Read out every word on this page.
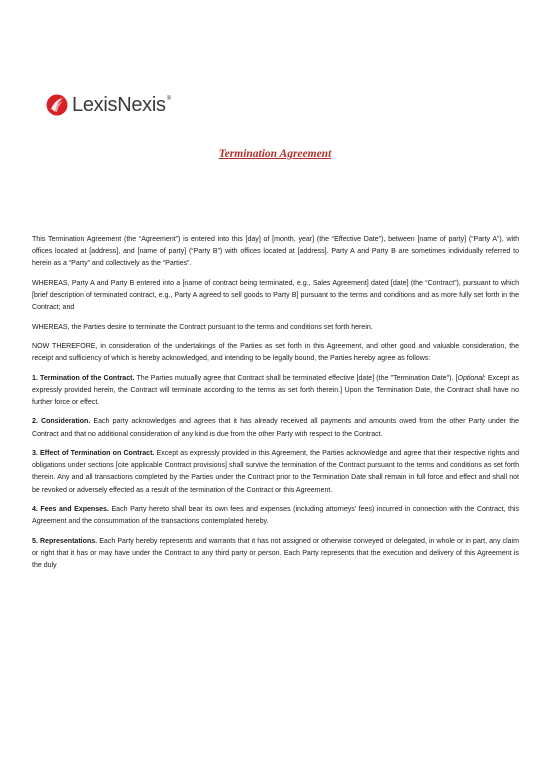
LexisNexis ®
Termination Agreement

This Termination Agreement (the “Agreement”) is entered into this [day] of [month, year] (the “Effective Date”), between [name of party] (“Party A”), with offices located at [address], and [name of party] (“Party B”) with offices located at [address]. Party A and Party B are sometimes individually referred to herein as a “Party” and collectively as the “Parties”.

WHEREAS, Party A and Party B entered into a [name of contract being terminated, e.g., Sales Agreement] dated [date] (the “Contract”), pursuant to which [brief description of terminated contract, e.g., Party A agreed to sell goods to Party B] pursuant to the terms and conditions and as more fully set forth in the Contract; and

WHEREAS, the Parties desire to terminate the Contract pursuant to the terms and conditions set forth herein.

NOW THEREFORE, in consideration of the undertakings of the Parties as set forth in this Agreement, and other good and valuable consideration, the receipt and sufficiency of which is hereby acknowledged, and intending to be legally bound, the Parties hereby agree as follows:

1. Termination of the Contract. The Parties mutually agree that Contract shall be terminated effective [date] (the "Termination Date"). [Optional: Except as expressly provided herein, the Contract will terminate according to the terms as set forth therein.] Upon the Termination Date, the Contract shall have no further force or effect.

2. Consideration. Each party acknowledges and agrees that it has already received all payments and amounts owed from the other Party under the Contract and that no additional consideration of any kind is due from the other Party with respect to the Contract.

3. Effect of Termination on Contract. Except as expressly provided in this Agreement, the Parties acknowledge and agree that their respective rights and obligations under sections [cite applicable Contract provisions] shall survive the termination of the Contract pursuant to the terms and conditions as set forth therein. Any and all transactions completed by the Parties under the Contract prior to the Termination Date shall remain in full force and effect and shall not be revoked or adversely effected as a result of the termination of the Contract or this Agreement.

4. Fees and Expenses. Each Party hereto shall bear its own fees and expenses (including attorneys’ fees) incurred in connection with the Contract, this Agreement and the consummation of the transactions contemplated hereby.

5. Representations. Each Party hereby represents and warrants that it has not assigned or otherwise conveyed or delegated, in whole or in part, any claim or right that it has or may have under the Contract to any third party or person. Each Party represents that the execution and delivery of this Agreement is the duly
